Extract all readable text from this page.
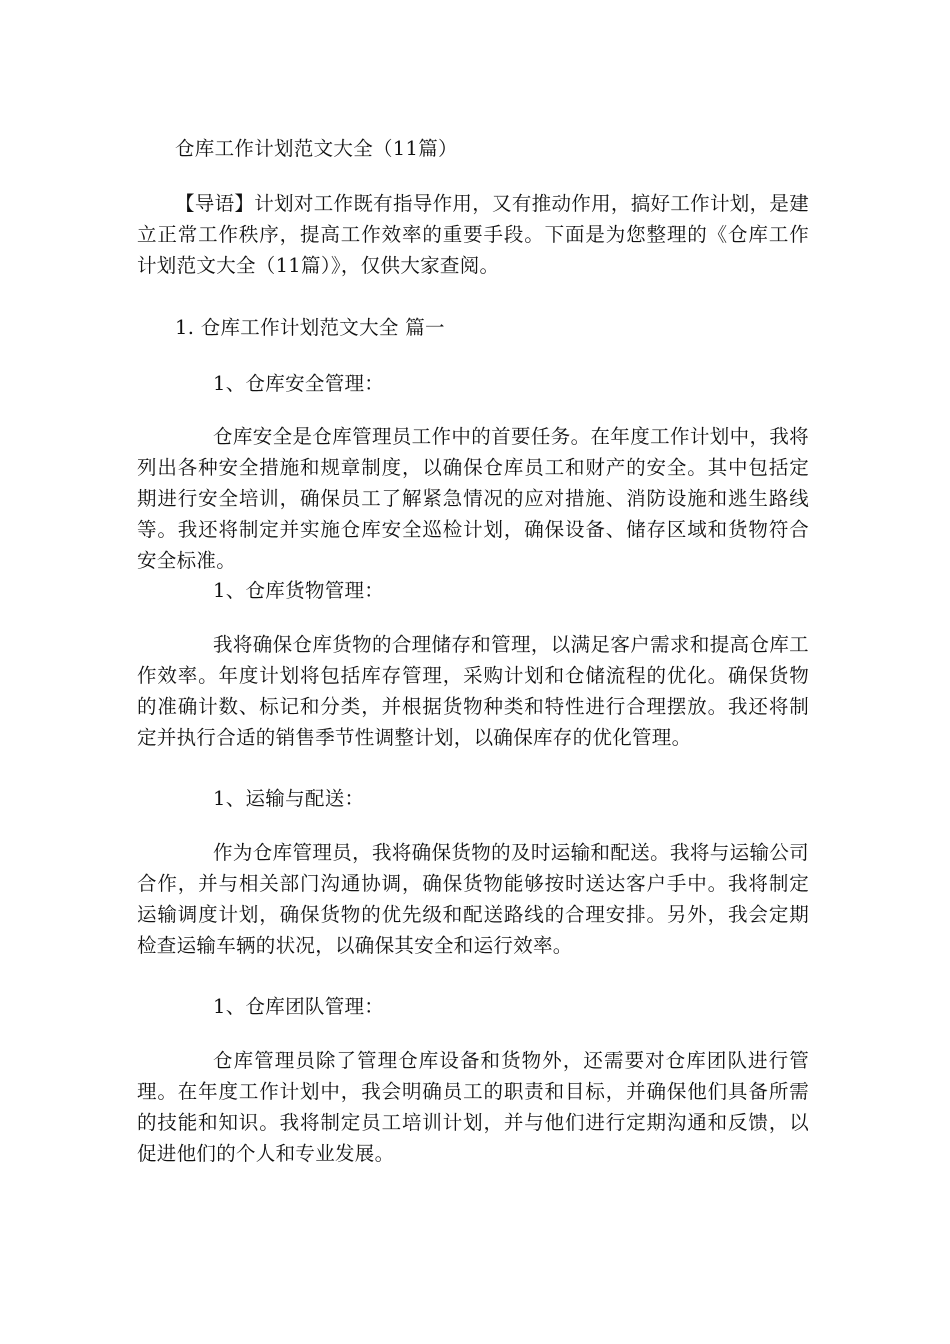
仓库工作计划范文大全（11篇）

【导语】计划对工作既有指导作用，又有推动作用，搞好工作计划，是建立正常工作秩序，提高工作效率的重要手段。下面是为您整理的《仓库工作计划范文大全（11篇）》，仅供大家查阅。

1. 仓库工作计划范文大全 篇一

1、仓库安全管理：

仓库安全是仓库管理员工作中的首要任务。在年度工作计划中，我将列出各种安全措施和规章制度，以确保仓库员工和财产的安全。其中包括定期进行安全培训，确保员工了解紧急情况的应对措施、消防设施和逃生路线等。我还将制定并实施仓库安全巡检计划，确保设备、储存区域和货物符合安全标准。

1、仓库货物管理：

我将确保仓库货物的合理储存和管理，以满足客户需求和提高仓库工作效率。年度计划将包括库存管理，采购计划和仓储流程的优化。确保货物的准确计数、标记和分类，并根据货物种类和特性进行合理摆放。我还将制定并执行合适的销售季节性调整计划，以确保库存的优化管理。

1、运输与配送：

作为仓库管理员，我将确保货物的及时运输和配送。我将与运输公司合作，并与相关部门沟通协调，确保货物能够按时送达客户手中。我将制定运输调度计划，确保货物的优先级和配送路线的合理安排。另外，我会定期检查运输车辆的状况，以确保其安全和运行效率。

1、仓库团队管理：

仓库管理员除了管理仓库设备和货物外，还需要对仓库团队进行管理。在年度工作计划中，我会明确员工的职责和目标，并确保他们具备所需的技能和知识。我将制定员工培训计划，并与他们进行定期沟通和反馈，以促进他们的个人和专业发展。
